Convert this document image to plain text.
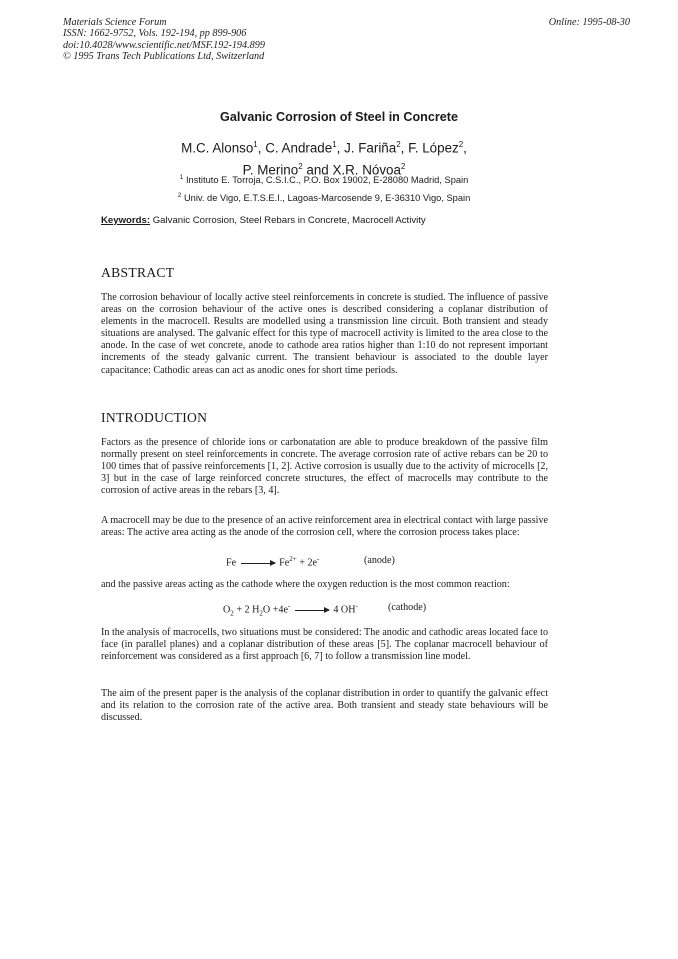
Materials Science Forum
ISSN: 1662-9752, Vols. 192-194, pp 899-906
doi:10.4028/www.scientific.net/MSF.192-194.899
© 1995 Trans Tech Publications Ltd, Switzerland
Online: 1995-08-30
Galvanic Corrosion of Steel in Concrete
M.C. Alonso$^1$, C. Andrade$^1$, J. Fariña$^2$, F. López$^2$,
P. Merino$^2$ and X.R. Nóvoa$^2$
$^1$ Instituto E. Torroja, C.S.I.C., P.O. Box 19002, E-28080 Madrid, Spain
$^2$ Univ. de Vigo, E.T.S.E.I., Lagoas-Marcosende 9, E-36310 Vigo, Spain
Keywords: Galvanic Corrosion, Steel Rebars in Concrete, Macrocell Activity
ABSTRACT
The corrosion behaviour of locally active steel reinforcements in concrete is studied. The influence of passive areas on the corrosion behaviour of the active ones is described considering a coplanar distribution of elements in the macrocell. Results are modelled using a transmission line circuit. Both transient and steady situations are analysed. The galvanic effect for this type of macrocell activity is limited to the area close to the anode. In the case of wet concrete, anode to cathode area ratios higher than 1:10 do not represent important increments of the steady galvanic current. The transient behaviour is associated to the double layer capacitance: Cathodic areas can act as anodic ones for short time periods.
INTRODUCTION
Factors as the presence of chloride ions or carbonatation are able to produce breakdown of the passive film normally present on steel reinforcements in concrete. The average corrosion rate of active rebars can be 20 to 100 times that of passive reinforcements [1, 2]. Active corrosion is usually due to the activity of microcells [2, 3] but in the case of large reinforced concrete structures, the effect of macrocells may contribute to the corrosion of active areas in the rebars [3, 4].
A macrocell may be due to the presence of an active reinforcement area in electrical contact with large passive areas: The active area acting as the anode of the corrosion cell, where the corrosion process takes place:
$Fe \to Fe^{2+} + 2e^-$	(anode)
and the passive areas acting as the cathode where the oxygen reduction is the most common reaction:
$O_2 + 2$ $H_2O +4e^- \to 4$ OH-	(cathode)
In the analysis of macrocells, two situations must be considered: The anodic and cathodic areas located face to face (in parallel planes) and a coplanar distribution of these areas [5]. The coplanar macrocell behaviour of reinforcement was considered as a first approach [6, 7] to follow a transmission line model.
The aim of the present paper is the analysis of the coplanar distribution in order to quantify the galvanic effect and its relation to the corrosion rate of the active area. Both transient and steady state behaviours will be discussed.
